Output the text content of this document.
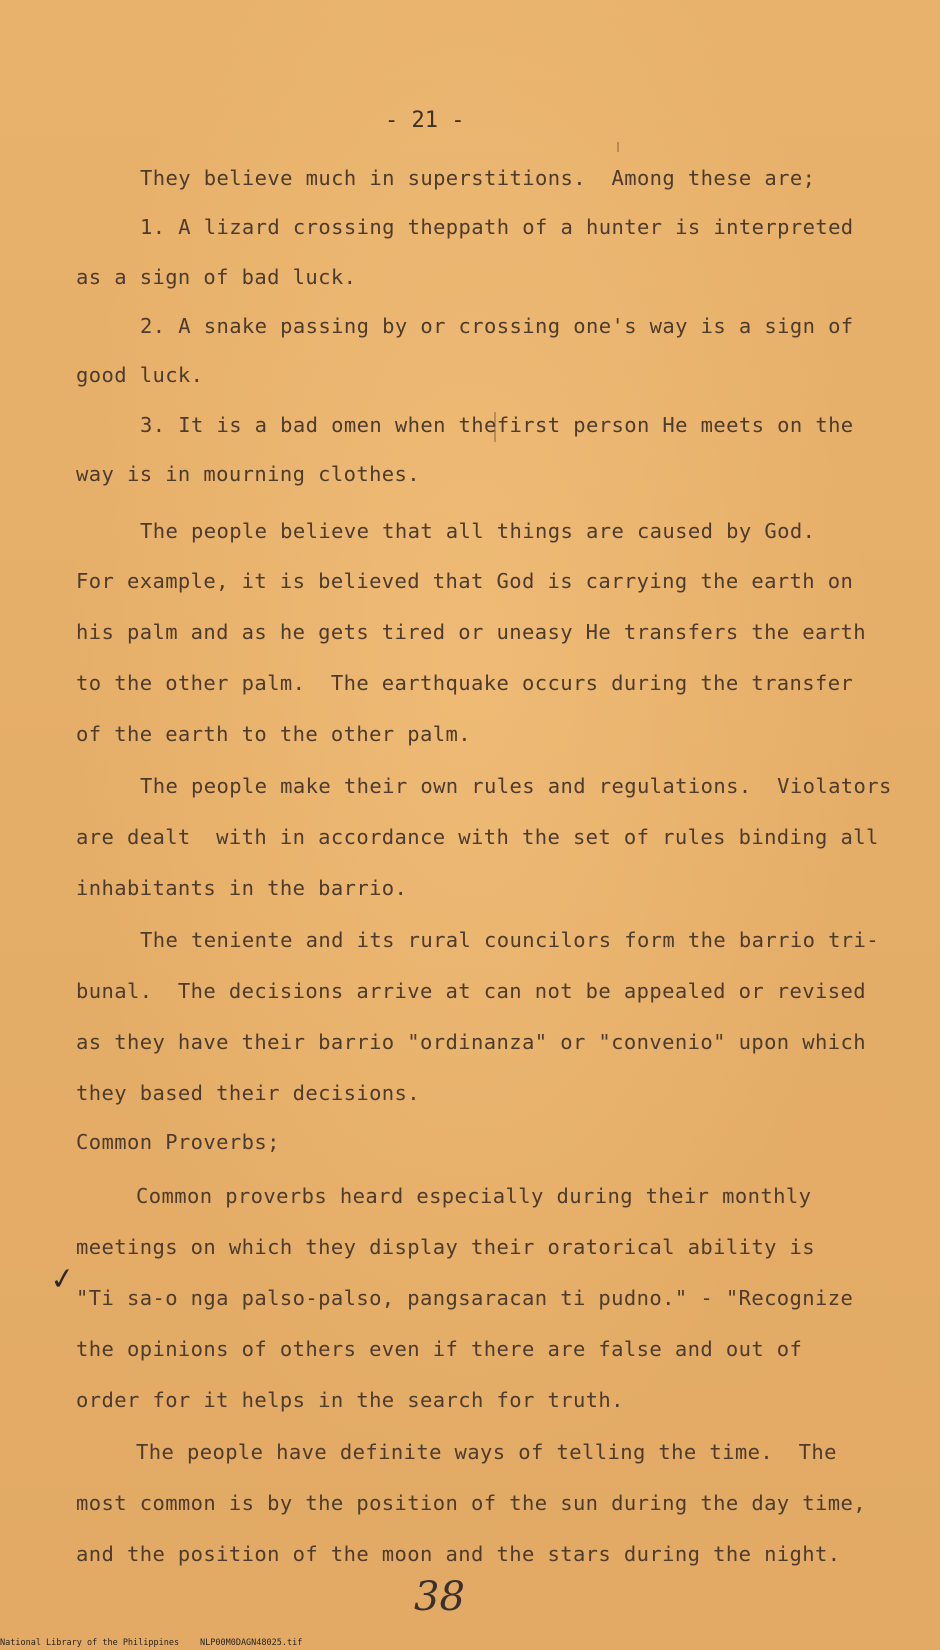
- 21 -
They believe much in superstitions.  Among these are;
1. A lizard crossing theppath of a hunter is interpreted
as a sign of bad luck.
2. A snake passing by or crossing one's way is a sign of
good luck.
3. It is a bad omen when thefirst person He meets on the
way is in mourning clothes.
The people believe that all things are caused by God.
For example, it is believed that God is carrying the earth on
his palm and as he gets tired or uneasy He transfers the earth
to the other palm.  The earthquake occurs during the transfer
of the earth to the other palm.
The people make their own rules and regulations.  Violators
are dealt  with in accordance with the set of rules binding all
inhabitants in the barrio.
The teniente and its rural councilors form the barrio tri-
bunal.  The decisions arrive at can not be appealed or revised
as they have their barrio "ordinanza" or "convenio" upon which
they based their decisions.
Common Proverbs;
Common proverbs heard especially during their monthly
meetings on which they display their oratorical ability is
"Ti sa-o nga palso-palso, pangsaracan ti pudno." - "Recognize
the opinions of others even if there are false and out of
order for it helps in the search for truth.
The people have definite ways of telling the time.  The
most common is by the position of the sun during the day time,
and the position of the moon and the stars during the night.
✓
38
National Library of the Philippines NLP00M0DAGN48025.tif
